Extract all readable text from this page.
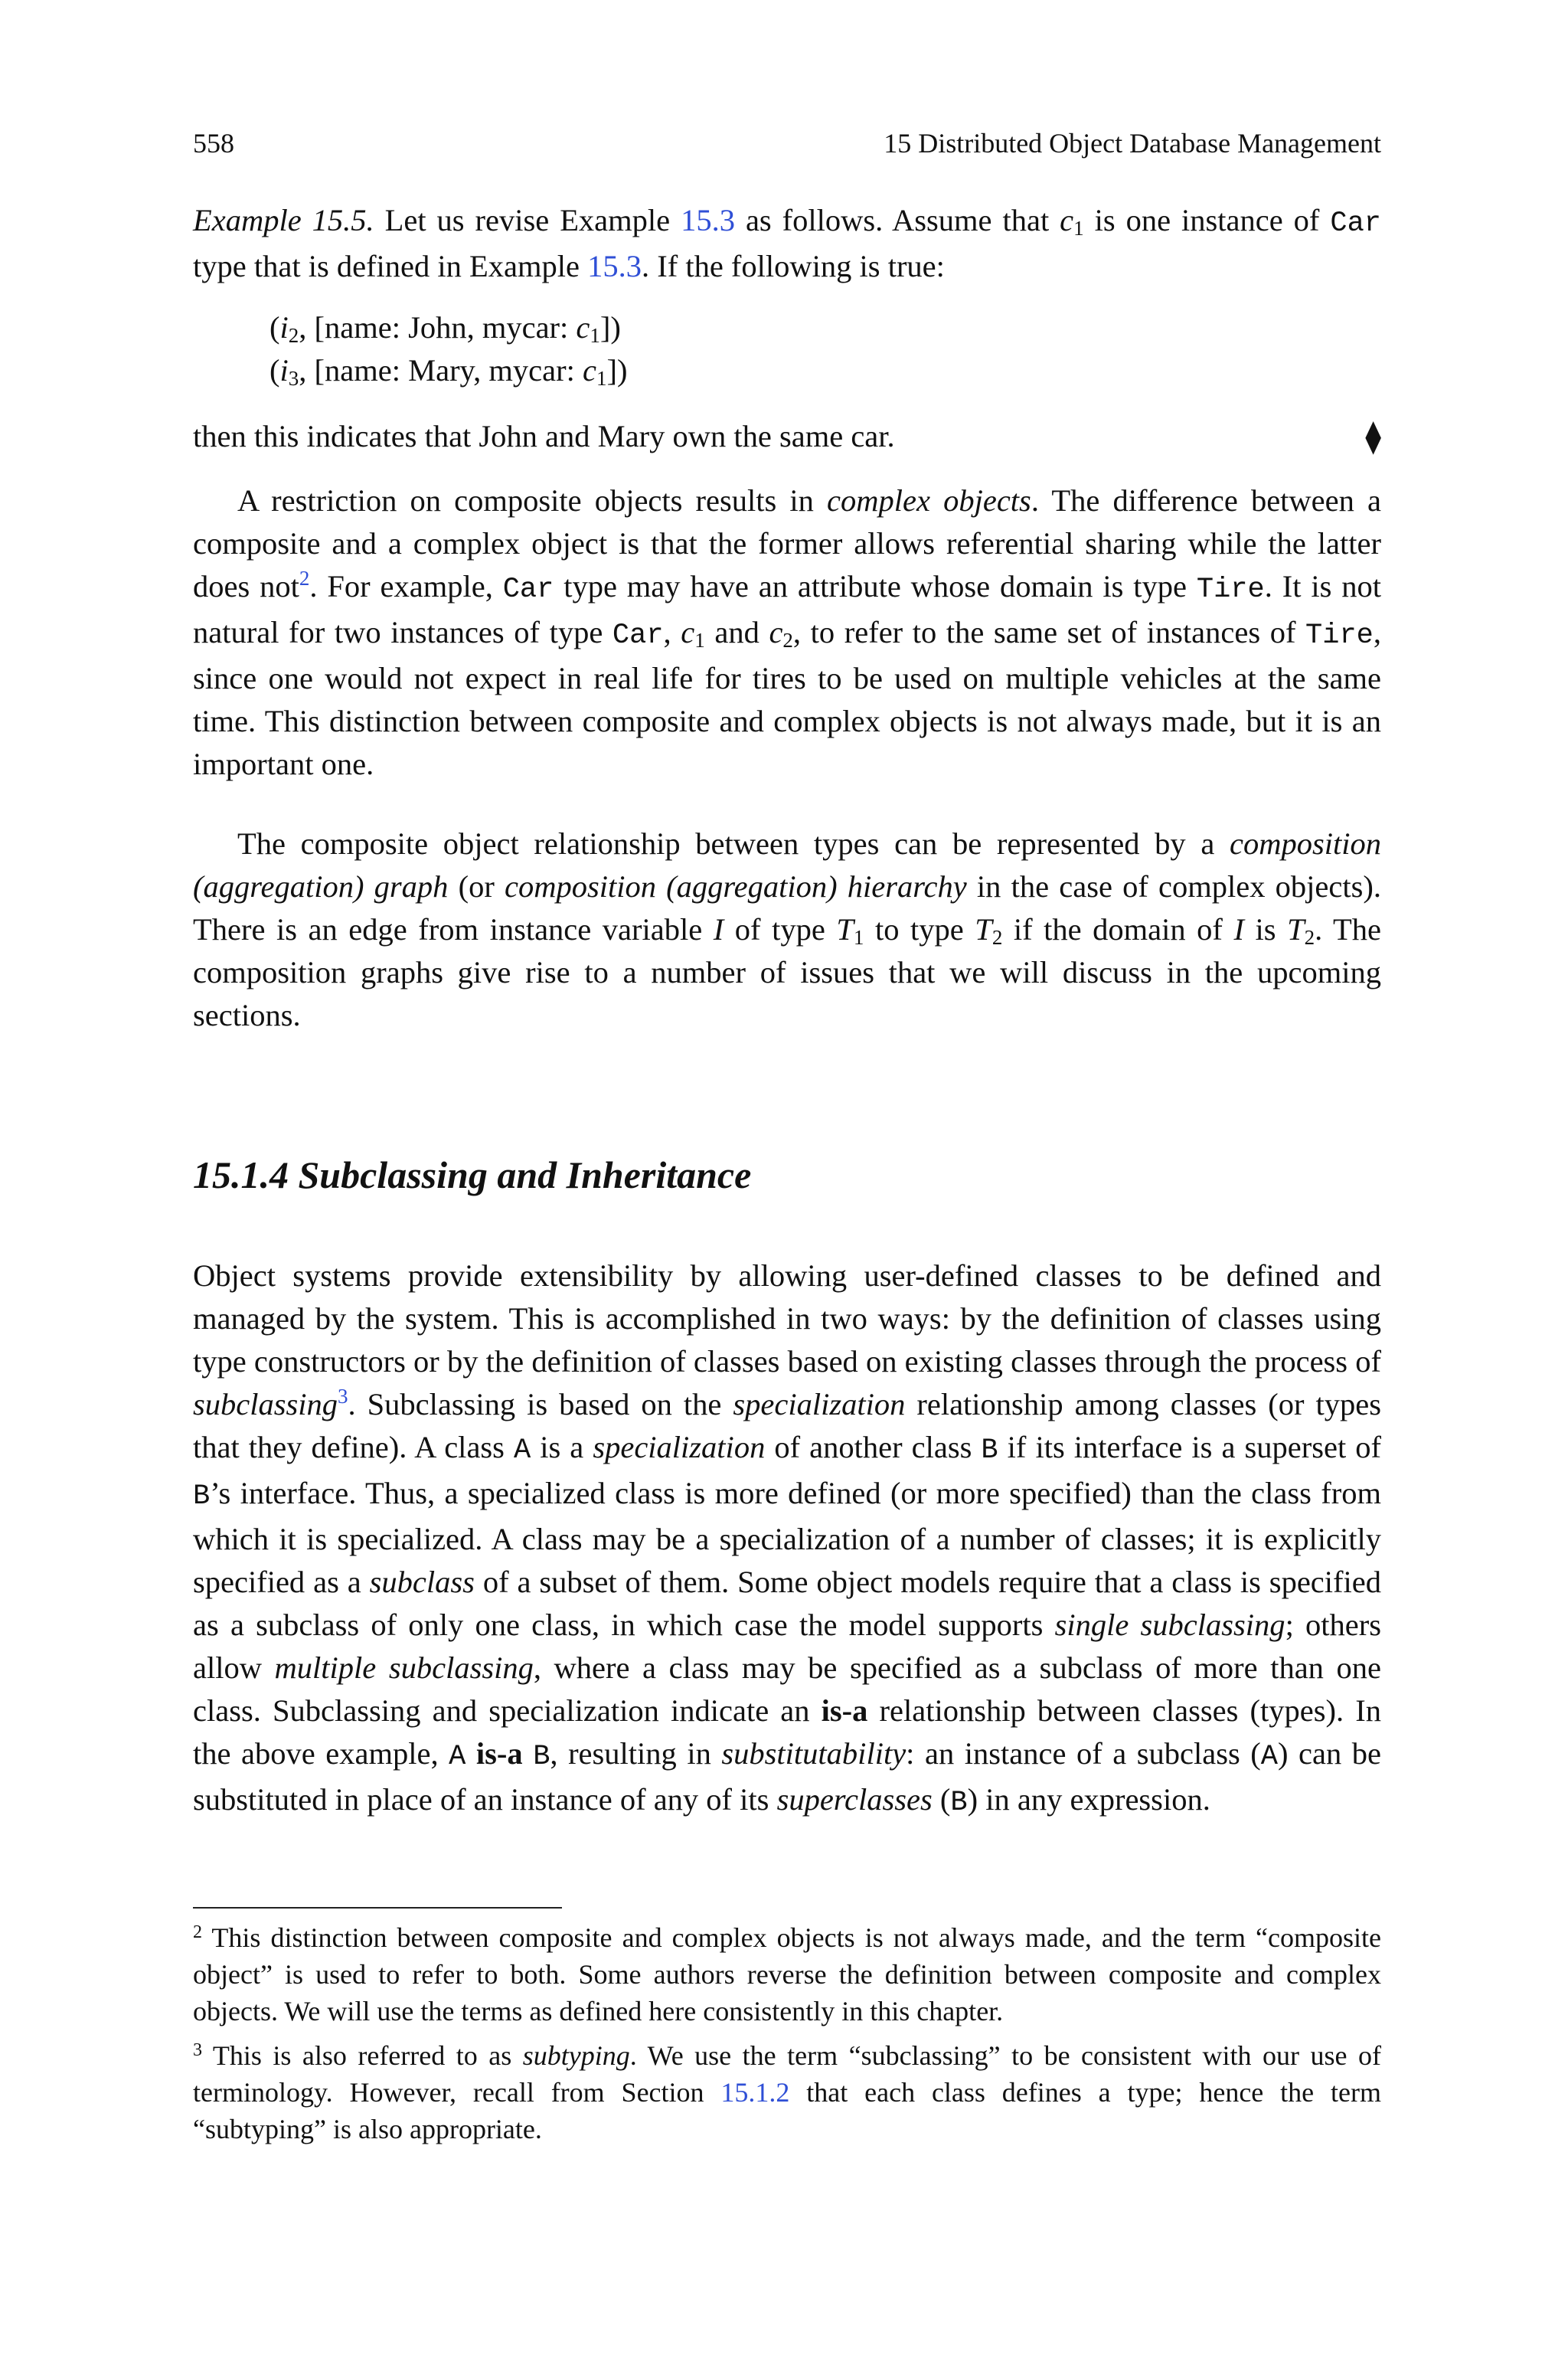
558	15 Distributed Object Database Management

Example 15.5. Let us revise Example 15.3 as follows. Assume that $c_1$ is one instance of Car type that is defined in Example 15.3. If the following is true:

($i_2$, [name: John, mycar: $c_1$])
($i_3$, [name: Mary, mycar: $c_1$])
then this indicates that John and Mary own the same car.	⧫

A restriction on composite objects results in complex objects. The difference between a composite and a complex object is that the former allows referential sharing while the latter does not$^2$. For example, Car type may have an attribute whose domain is type Tire. It is not natural for two instances of type Car, $c_1$ and $c_2$, to refer to the same set of instances of Tire, since one would not expect in real life for tires to be used on multiple vehicles at the same time. This distinction between composite and complex objects is not always made, but it is an important one.

The composite object relationship between types can be represented by a composition (aggregation) graph (or composition (aggregation) hierarchy in the case of complex objects). There is an edge from instance variable I of type $T_1$ to type $T_2$ if the domain of I is $T_2$. The composition graphs give rise to a number of issues that we will discuss in the upcoming sections.

15.1.4 Subclassing and Inheritance

Object systems provide extensibility by allowing user-defined classes to be defined and managed by the system. This is accomplished in two ways: by the definition of classes using type constructors or by the definition of classes based on existing classes through the process of subclassing$^3$. Subclassing is based on the specialization relationship among classes (or types that they define). A class A is a specialization of another class B if its interface is a superset of B’s interface. Thus, a specialized class is more defined (or more specified) than the class from which it is specialized. A class may be a specialization of a number of classes; it is explicitly specified as a subclass of a subset of them. Some object models require that a class is specified as a subclass of only one class, in which case the model supports single subclassing; others allow multiple subclassing, where a class may be specified as a subclass of more than one class. Subclassing and specialization indicate an is-a relationship between classes (types). In the above example, A is-a B, resulting in substitutability: an instance of a subclass (A) can be substituted in place of an instance of any of its superclasses (B) in any expression.

$^2$ This distinction between composite and complex objects is not always made, and the term “composite object” is used to refer to both. Some authors reverse the definition between composite and complex objects. We will use the terms as defined here consistently in this chapter.

$^3$ This is also referred to as subtyping. We use the term “subclassing” to be consistent with our use of terminology. However, recall from Section 15.1.2 that each class defines a type; hence the term “subtyping” is also appropriate.
